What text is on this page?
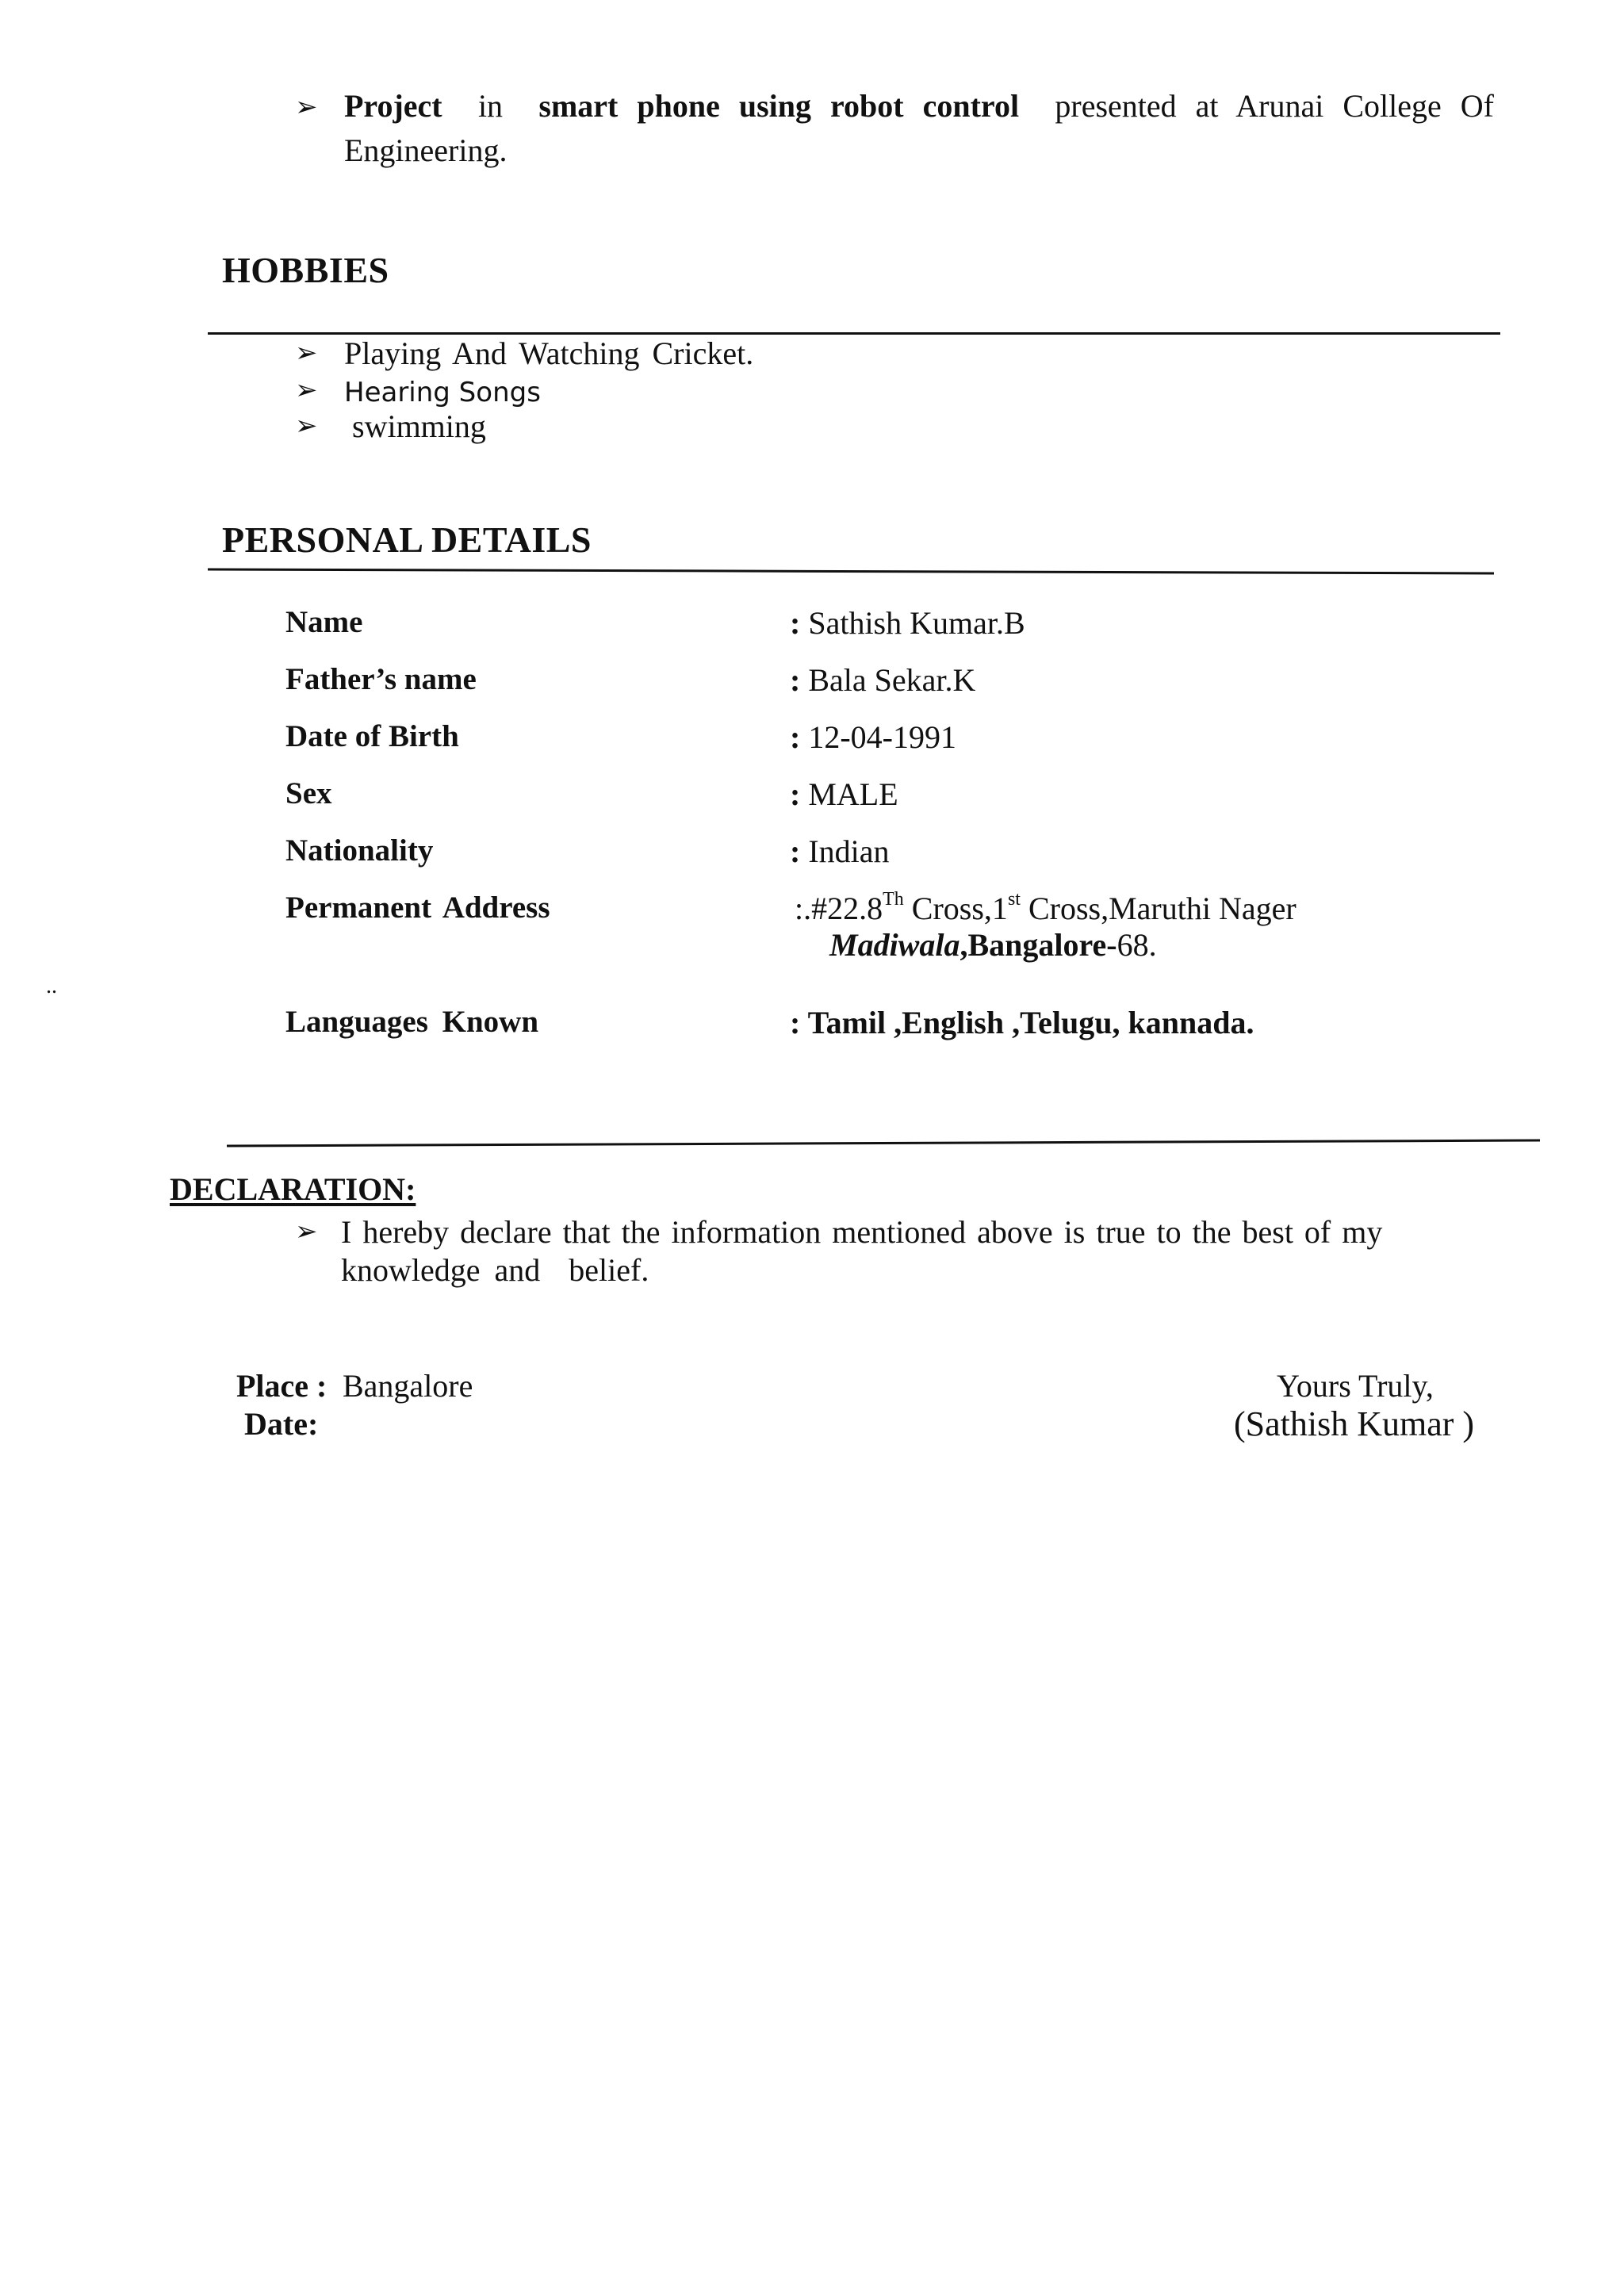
➢ Project in smart phone using robot control presented at Arunai College Of
Engineering.
HOBBIES
➢ Playing And Watching Cricket.
➢ Hearing Songs
➢ swimming
PERSONAL DETAILS
Name	: Sathish Kumar.B
Father’s name	: Bala Sekar.K
Date of Birth	: 12-04-1991
Sex	: MALE
Nationality	: Indian
Permanent Address	:.#22.8Th Cross,1st Cross,Maruthi Nager
Madiwala,Bangalore-68.
..
Languages Known	: Tamil ,English ,Telugu, kannada.
DECLARATION:
➢ I hereby declare that the information mentioned above is true to the best of my
knowledge and  belief.
Place : Bangalore
Date:
Yours Truly,
(Sathish Kumar )
